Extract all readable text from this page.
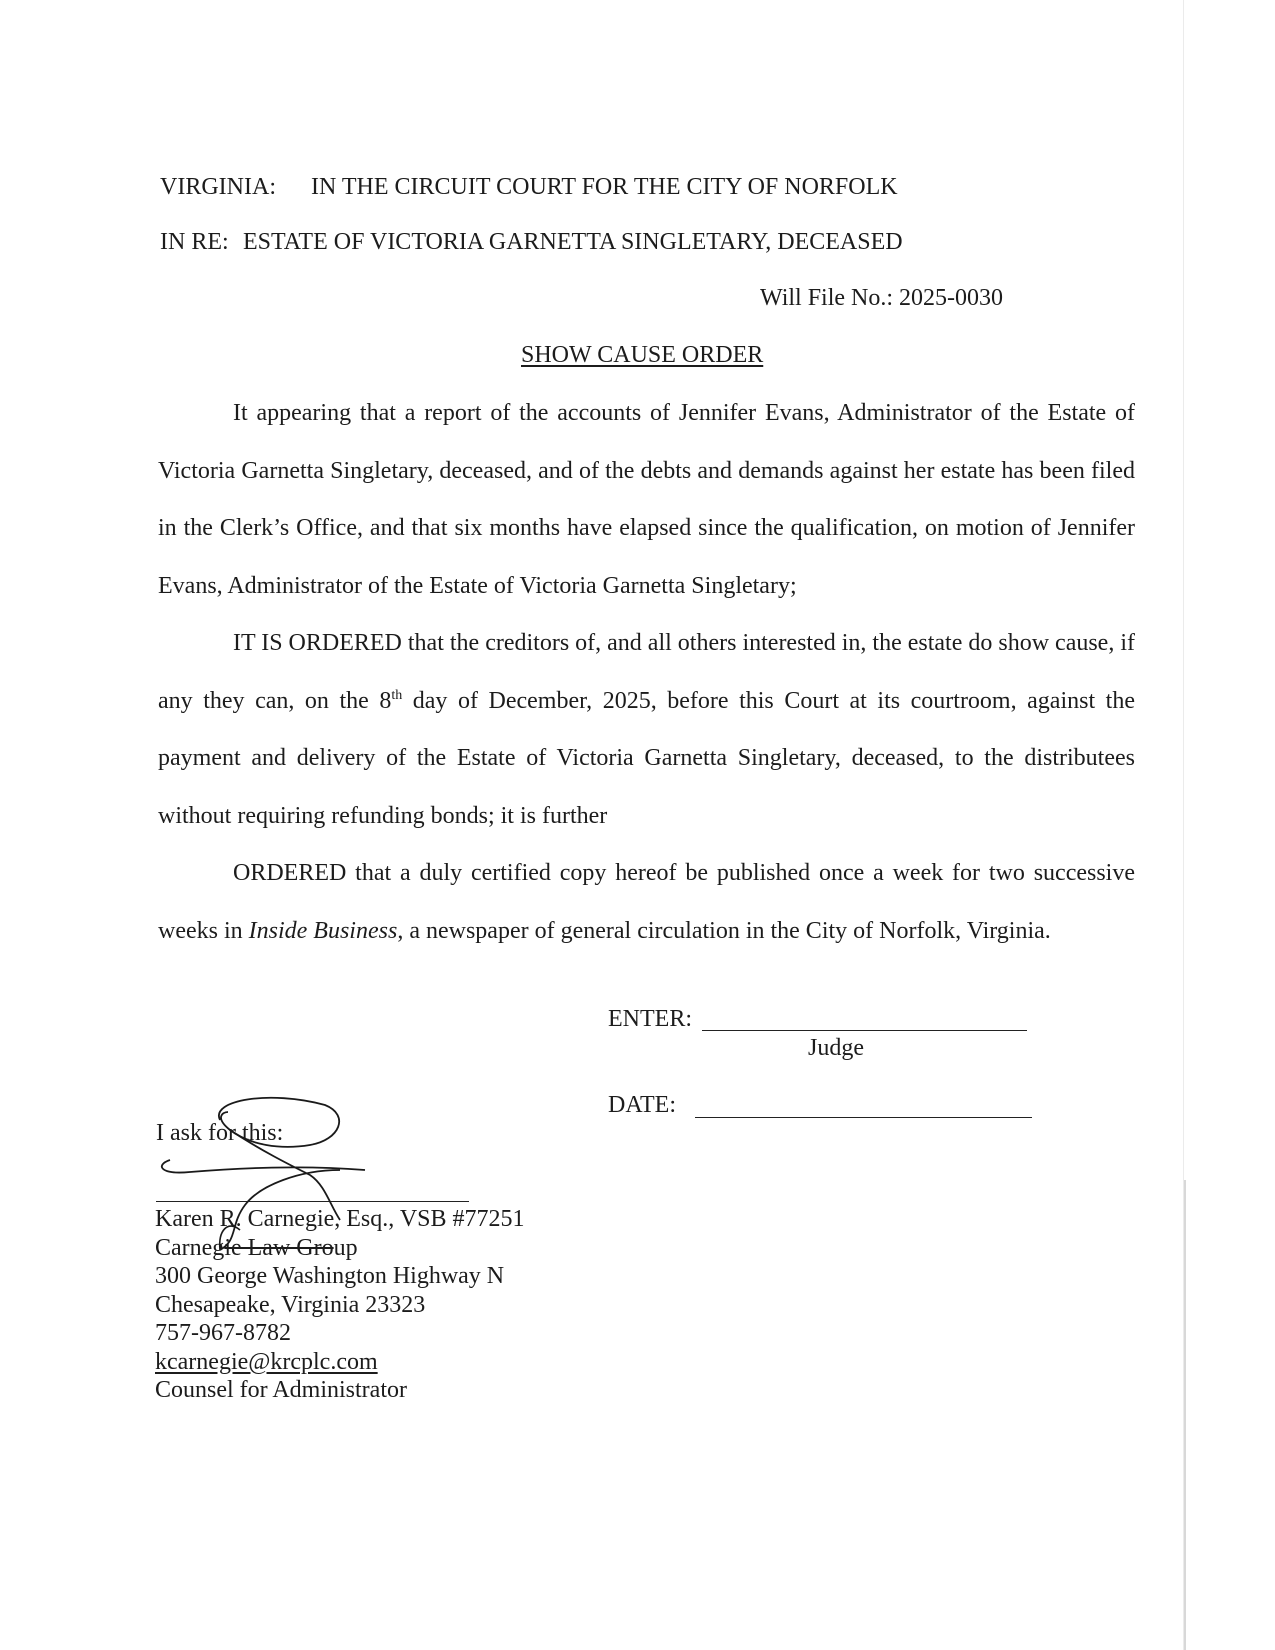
VIRGINIA: IN THE CIRCUIT COURT FOR THE CITY OF NORFOLK
IN RE: ESTATE OF VICTORIA GARNETTA SINGLETARY, DECEASED
Will File No.: 2025-0030
SHOW CAUSE ORDER

It appearing that a report of the accounts of Jennifer Evans, Administrator of the Estate of Victoria Garnetta Singletary, deceased, and of the debts and demands against her estate has been filed in the Clerk’s Office, and that six months have elapsed since the qualification, on motion of Jennifer Evans, Administrator of the Estate of Victoria Garnetta Singletary;

IT IS ORDERED that the creditors of, and all others interested in, the estate do show cause, if any they can, on the 8th day of December, 2025, before this Court at its courtroom, against the payment and delivery of the Estate of Victoria Garnetta Singletary, deceased, to the distributees without requiring refunding bonds; it is further

ORDERED that a duly certified copy hereof be published once a week for two successive weeks in Inside Business, a newspaper of general circulation in the City of Norfolk, Virginia.

ENTER:
Judge
DATE:
I ask for this:
Karen R. Carnegie, Esq., VSB #77251
Carnegie Law Group
300 George Washington Highway N
Chesapeake, Virginia 23323
757-967-8782
kcarnegie@krcplc.com
Counsel for Administrator
